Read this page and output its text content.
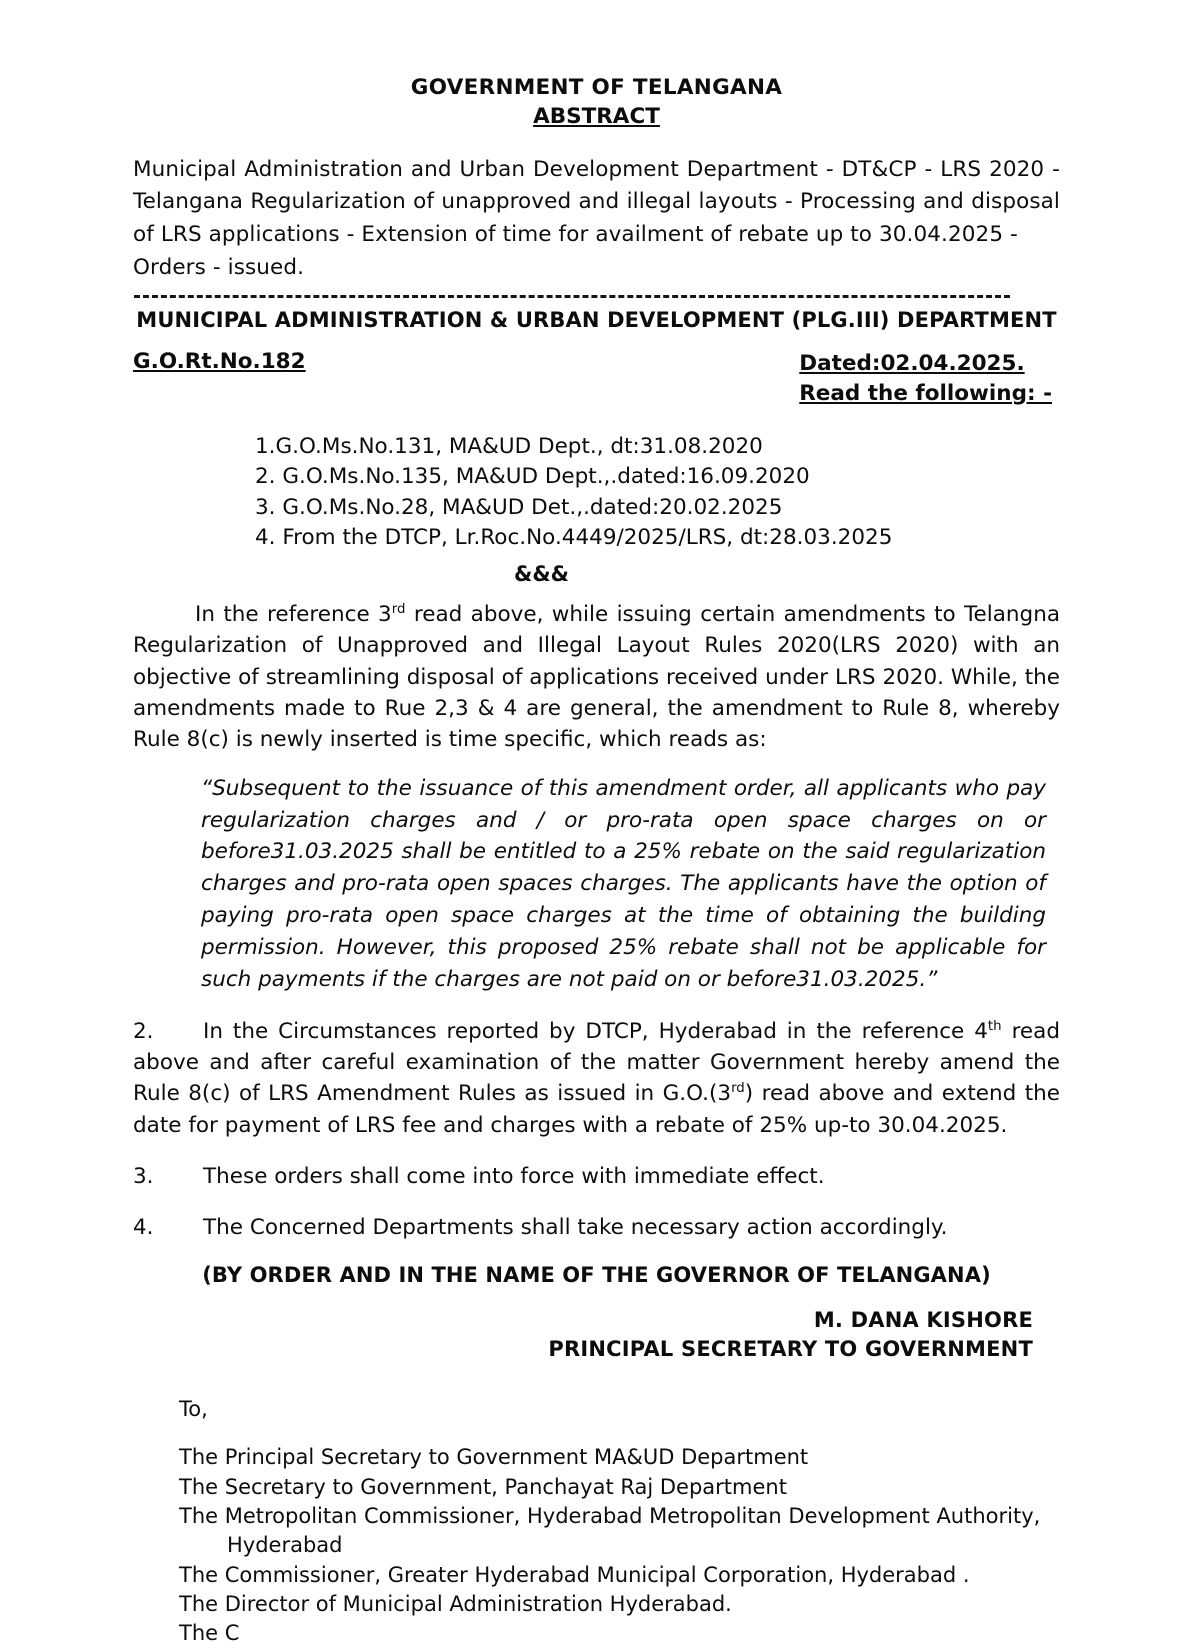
GOVERNMENT OF TELANGANA
ABSTRACT
Municipal Administration and Urban Development Department - DT&CP - LRS 2020 - Telangana Regularization of unapproved and illegal layouts - Processing and disposal of LRS applications - Extension of time for availment of rebate up to 30.04.2025 -
Orders - issued.
MUNICIPAL ADMINISTRATION & URBAN DEVELOPMENT (PLG.III) DEPARTMENT
G.O.Rt.No.182	Dated:02.04.2025.
Read the following: -
1.G.O.Ms.No.131, MA&UD Dept., dt:31.08.2020
2. G.O.Ms.No.135, MA&UD Dept.,.dated:16.09.2020
3. G.O.Ms.No.28, MA&UD Det.,.dated:20.02.2025
4. From the DTCP, Lr.Roc.No.4449/2025/LRS, dt:28.03.2025
&&&
In the reference 3rd read above, while issuing certain amendments to Telangna Regularization of Unapproved and Illegal Layout Rules 2020(LRS 2020) with an objective of streamlining disposal of applications received under LRS 2020. While, the amendments made to Rue 2,3 & 4 are general, the amendment to Rule 8, whereby Rule 8(c) is newly inserted is time specific, which reads as:
“Subsequent to the issuance of this amendment order, all applicants who pay regularization charges and / or pro-rata open space charges on or before31.03.2025 shall be entitled to a 25% rebate on the said regularization charges and pro-rata open spaces charges. The applicants have the option of paying pro-rata open space charges at the time of obtaining the building permission. However, this proposed 25% rebate shall not be applicable for such payments if the charges are not paid on or before31.03.2025.”
2. In the Circumstances reported by DTCP, Hyderabad in the reference 4th read above and after careful examination of the matter Government hereby amend the Rule 8(c) of LRS Amendment Rules as issued in G.O.(3rd) read above and extend the date for payment of LRS fee and charges with a rebate of 25% up-to 30.04.2025.
3. These orders shall come into force with immediate effect.
4. The Concerned Departments shall take necessary action accordingly.
(BY ORDER AND IN THE NAME OF THE GOVERNOR OF TELANGANA)
M. DANA KISHORE
PRINCIPAL SECRETARY TO GOVERNMENT
To,
The Principal Secretary to Government MA&UD Department
The Secretary to Government, Panchayat Raj Department
The Metropolitan Commissioner, Hyderabad Metropolitan Development Authority,
Hyderabad
The Commissioner, Greater Hyderabad Municipal Corporation, Hyderabad .
The Director of Municipal Administration Hyderabad.
The C
